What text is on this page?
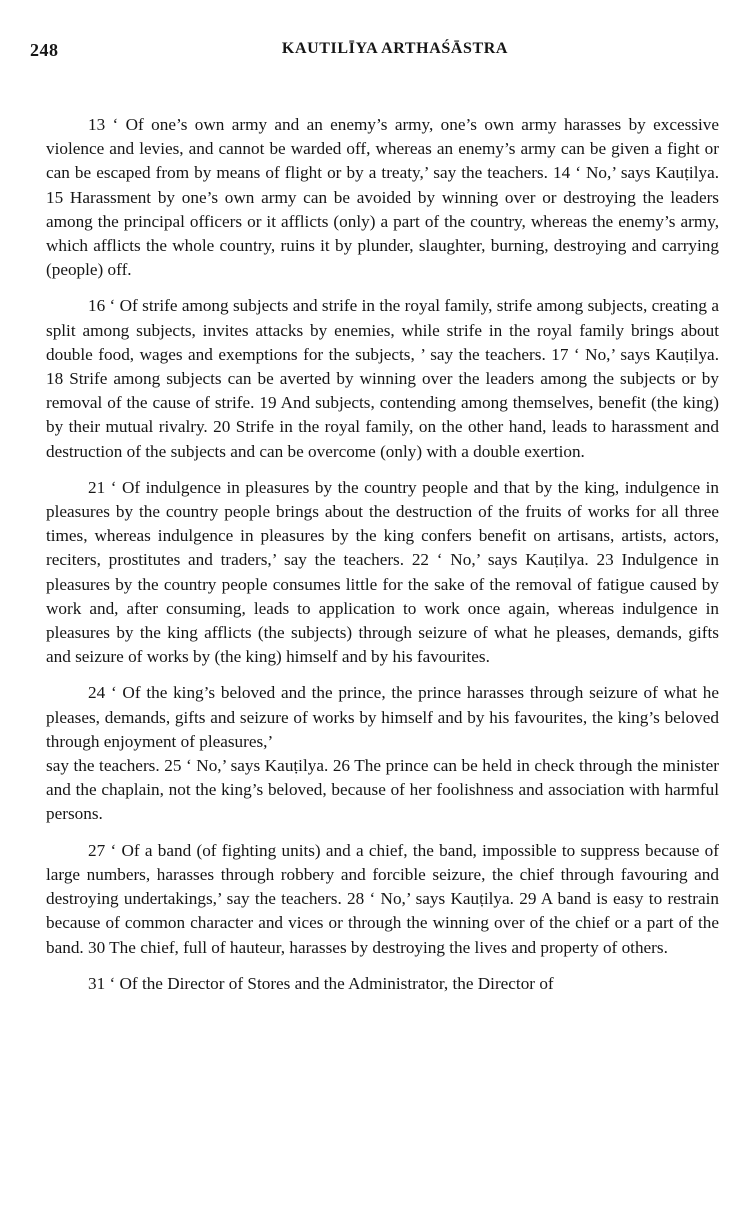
248	KAUTILĪYA ARTHAŚĀSTRA

13 ‘ Of one’s own army and an enemy’s army, one’s own army harasses by excessive violence and levies, and cannot be warded off, whereas an enemy’s army can be given a fight or can be escaped from by means of flight or by a treaty,’ say the teachers. 14 ‘ No,’ says Kauṭilya. 15 Harassment by one’s own army can be avoided by winning over or destroying the leaders among the principal officers or it afflicts (only) a part of the country, whereas the enemy’s army, which afflicts the whole country, ruins it by plunder, slaughter, burning, destroying and carrying (people) off.

16 ‘ Of strife among subjects and strife in the royal family, strife among subjects, creating a split among subjects, invites attacks by enemies, while strife in the royal family brings about double food, wages and exemptions for the subjects, ’ say the teachers. 17 ‘ No,’ says Kauṭilya. 18 Strife among subjects can be averted by winning over the leaders among the subjects or by removal of the cause of strife. 19 And subjects, contending among themselves, benefit (the king) by their mutual rivalry. 20 Strife in the royal family, on the other hand, leads to harassment and destruction of the subjects and can be overcome (only) with a double exertion.

21 ‘ Of indulgence in pleasures by the country people and that by the king, indulgence in pleasures by the country people brings about the destruction of the fruits of works for all three times, whereas indulgence in pleasures by the king confers benefit on artisans, artists, actors, reciters, prostitutes and traders,’ say the teachers. 22 ‘ No,’ says Kauṭilya. 23 Indulgence in pleasures by the country people consumes little for the sake of the removal of fatigue caused by work and, after consuming, leads to application to work once again, whereas indulgence in pleasures by the king afflicts (the subjects) through seizure of what he pleases, demands, gifts and seizure of works by (the king) himself and by his favourites.

24 ‘ Of the king’s beloved and the prince, the prince harasses through seizure of what he pleases, demands, gifts and seizure of works by himself and by his favourites, the king’s beloved through enjoyment of pleasures,’

say the teachers. 25 ‘ No,’ says Kauṭilya. 26 The prince can be held in check through the minister and the chaplain, not the king’s beloved, because of her foolishness and association with harmful persons.

27 ‘ Of a band (of fighting units) and a chief, the band, impossible to suppress because of large numbers, harasses through robbery and forcible seizure, the chief through favouring and destroying undertakings,’ say the teachers. 28 ‘ No,’ says Kauṭilya. 29 A band is easy to restrain because of common character and vices or through the winning over of the chief or a part of the band. 30 The chief, full of hauteur, harasses by destroying the lives and property of others.

31 ‘ Of the Director of Stores and the Administrator, the Director of
